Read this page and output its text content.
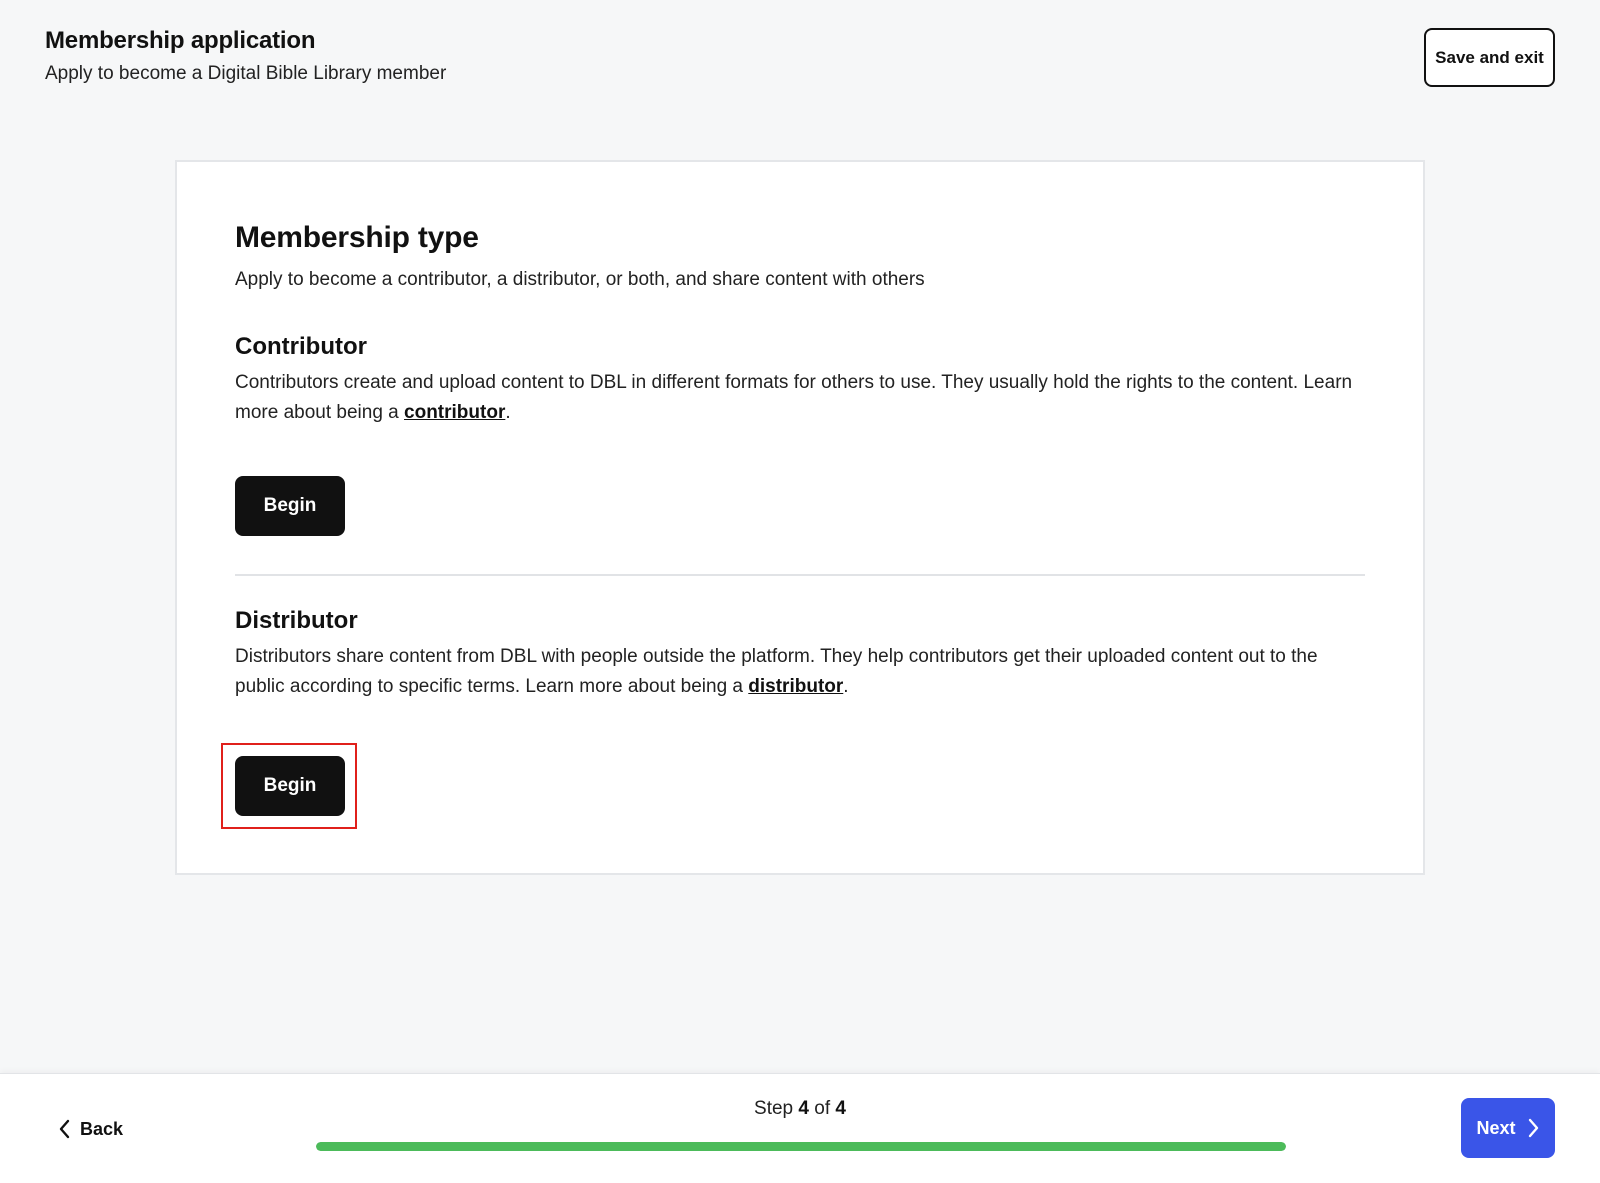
Membership application
Apply to become a Digital Bible Library member
Save and exit
Membership type

Apply to become a contributor, a distributor, or both, and share content with others

Contributor

Contributors create and upload content to DBL in different formats for others to use. They usually hold the rights to the content. Learn more about being a contributor.

Begin
Distributor

Distributors share content from DBL with people outside the platform. They help contributors get their uploaded content out to the public according to specific terms. Learn more about being a distributor.

Begin
Back
Step 4 of 4
Next
